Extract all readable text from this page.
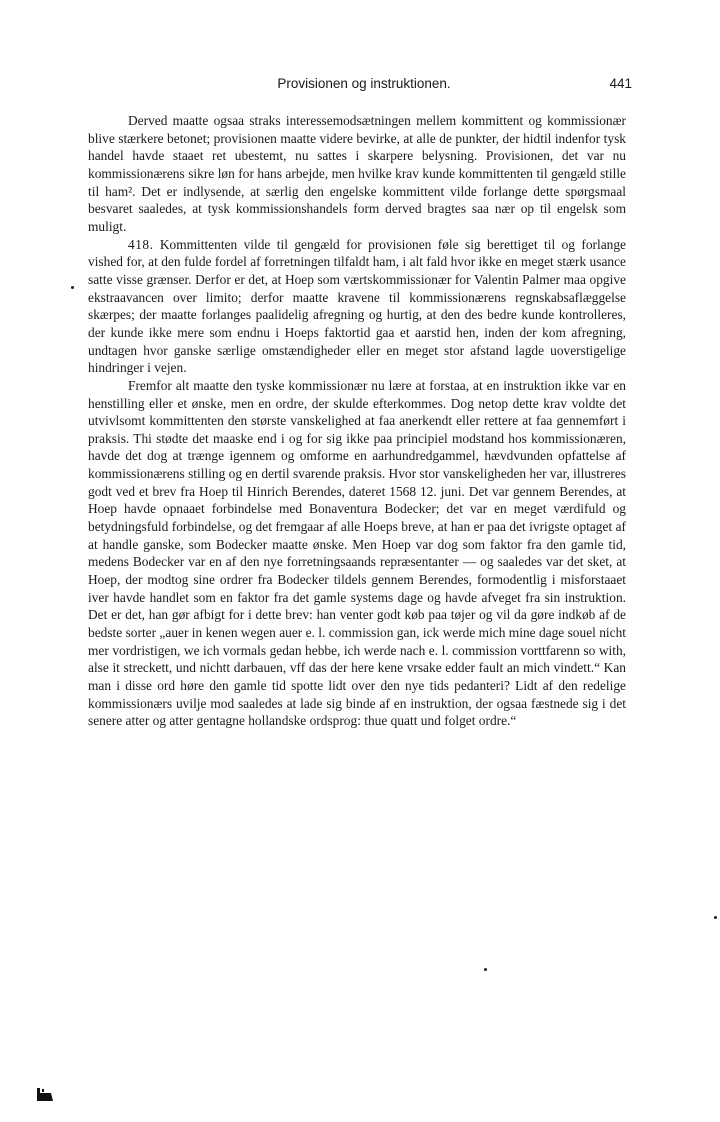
Provisionen og instruktionen.	441

Derved maatte ogsaa straks interessemodsætningen mellem kommittent og kommissionær blive stærkere betonet; provisionen maatte videre bevirke, at alle de punkter, der hidtil indenfor tysk handel havde staaet ret ubestemt, nu sattes i skarpere belysning. Provisionen, det var nu kommissionærens sikre løn for hans arbejde, men hvilke krav kunde kommittenten til gengæld stille til ham². Det er indlysende, at særlig den engelske kommittent vilde forlange dette spørgsmaal besvaret saaledes, at tysk kommissionshandels form derved bragtes saa nær op til engelsk som muligt.

418. Kommittenten vilde til gengæld for provisionen føle sig berettiget til og forlange vished for, at den fulde fordel af forretningen tilfaldt ham, i alt fald hvor ikke en meget stærk usance satte visse grænser. Derfor er det, at Hoep som værtskommissionær for Valentin Palmer maa opgive ekstraavancen over limito; derfor maatte kravene til kommissionærens regnskabsaflæggelse skærpes; der maatte forlanges paalidelig afregning og hurtig, at den des bedre kunde kontrolleres, der kunde ikke mere som endnu i Hoeps faktortid gaa et aarstid hen, inden der kom afregning, undtagen hvor ganske særlige omstændigheder eller en meget stor afstand lagde uoverstigelige hindringer i vejen.

Fremfor alt maatte den tyske kommissionær nu lære at forstaa, at en instruktion ikke var en henstilling eller et ønske, men en ordre, der skulde efterkommes. Dog netop dette krav voldte det utvivlsomt kommittenten den største vanskelighed at faa anerkendt eller rettere at faa gennemført i praksis. Thi stødte det maaske end i og for sig ikke paa principiel modstand hos kommissionæren, havde det dog at trænge igennem og omforme en aarhundredgammel, hævdvunden opfattelse af kommissionærens stilling og en dertil svarende praksis. Hvor stor vanskeligheden her var, illustreres godt ved et brev fra Hoep til Hinrich Berendes, dateret 1568 12. juni. Det var gennem Berendes, at Hoep havde opnaaet forbindelse med Bonaventura Bodecker; det var en meget værdifuld og betydningsfuld forbindelse, og det fremgaar af alle Hoeps breve, at han er paa det ivrigste optaget af at handle ganske, som Bodecker maatte ønske. Men Hoep var dog som faktor fra den gamle tid, medens Bodecker var en af den nye forretningsaands repræsentanter — og saaledes var det sket, at Hoep, der modtog sine ordrer fra Bodecker tildels gennem Berendes, formodentlig i misforstaaet iver havde handlet som en faktor fra det gamle systems dage og havde afveget fra sin instruktion. Det er det, han gør afbigt for i dette brev: han venter godt køb paa tøjer og vil da gøre indkøb af de bedste sorter „auer in kenen wegen auer e. l. commission gan, ick werde mich mine dage souel nicht mer vordristigen, we ich vormals gedan hebbe, ich werde nach e. l. commission vorttfarenn so with, alse it streckett, und nichtt darbauen, vff das der here kene vrsake edder fault an mich vindett.“ Kan man i disse ord høre den gamle tid spotte lidt over den nye tids pedanteri? Lidt af den redelige kommissionærs uvilje mod saaledes at lade sig binde af en instruktion, der ogsaa fæstnede sig i det senere atter og atter gentagne hollandske ordsprog: thue quatt und folget ordre.“
